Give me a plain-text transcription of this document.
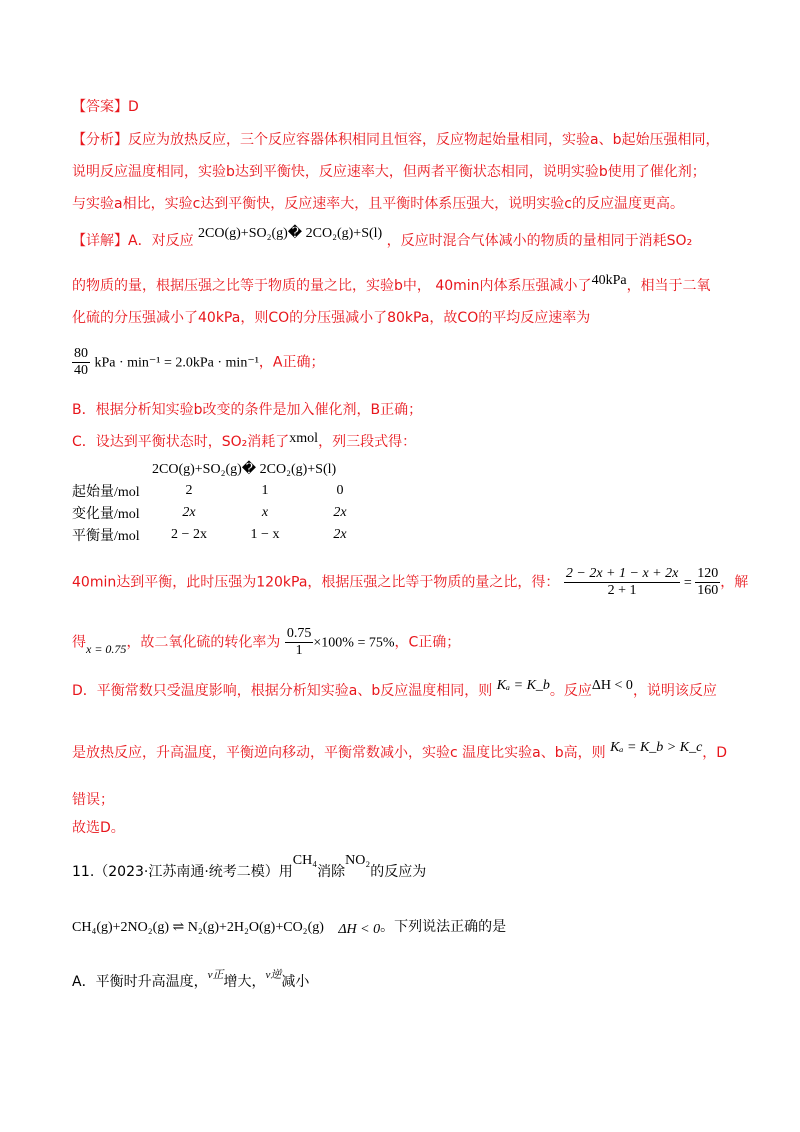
【答案】D
【分析】反应为放热反应，三个反应容器体积相同且恒容，反应物起始量相同，实验a、b起始压强相同，
说明反应温度相同，实验b达到平衡快，反应速率大，但两者平衡状态相同，说明实验b使用了催化剂；
与实验a相比，实验c达到平衡快，反应速率大，且平衡时体系压强大，说明实验c的反应温度更高。
【详解】A．对反应 2CO(g)+SO₂(g)� 2CO₂(g)+S(l) ，反应时混合气体减小的物质的量相同于消耗SO₂
的物质的量，根据压强之比等于物质的量之比，实验b中， 40min内体系压强减小了40kPa，相当于二氧
化硫的分压强减小了40kPa，则CO的分压强减小了80kPa，故CO的平均反应速率为
$\frac{80}{40}$ kPa · min⁻¹ = 2.0kPa · min⁻¹，A正确；
B．根据分析知实验b改变的条件是加入催化剂，B正确；
C．设达到平衡状态时，SO₂消耗了xmol，列三段式得：
	2CO(g)+SO₂(g)� 2CO₂(g)+S(l)		
起始量/mol	2	1	0
变化量/mol	2x	x	2x
平衡量/mol	2 − 2x	1 − x	2x
40min达到平衡，此时压强为120kPa，根据压强之比等于物质的量之比，得： $\frac{2 - 2x + 1 - x + 2x}{2 + 1} = \frac{120}{160}$ ，解
得x = 0.75，故二氧化硫的转化率为 $\frac{0.75}{1} \times 100\% = 75\%$，C正确；
D．平衡常数只受温度影响，根据分析知实验a、b反应温度相同，则 Kₐ = K_b。反应ΔH < 0，说明该反应
是放热反应，升高温度，平衡逆向移动，平衡常数减小，实验c 温度比实验a、b高，则 Kₐ = K_b > K_c，D
错误；
故选D。
11.（2023·江苏南通·统考二模）用CH₄消除NO₂的反应为
CH₄(g)+2NO₂(g) ⇌ N₂(g)+2H₂O(g)+CO₂(g) ΔH < 0。下列说法正确的是
A．平衡时升高温度，$^{v正}$增大，$^{v逆}$减小
